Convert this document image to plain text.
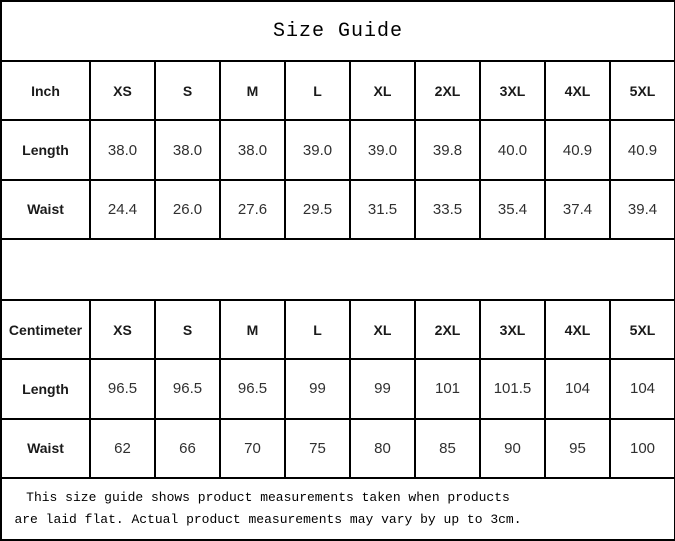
Size Guide									
Inch	XS	S	M	L	XL	2XL	3XL	4XL	5XL
Length	38.0	38.0	38.0	39.0	39.0	39.8	40.0	40.9	40.9
Waist	24.4	26.0	27.6	29.5	31.5	33.5	35.4	37.4	39.4

Centimeter	XS	S	M	L	XL	2XL	3XL	4XL	5XL
Length	96.5	96.5	96.5	99	99	101	101.5	104	104
Waist	62	66	70	75	80	85	90	95	100

This size guide shows product measurements taken when products
are laid flat. Actual product measurements may vary by up to 3cm.									
